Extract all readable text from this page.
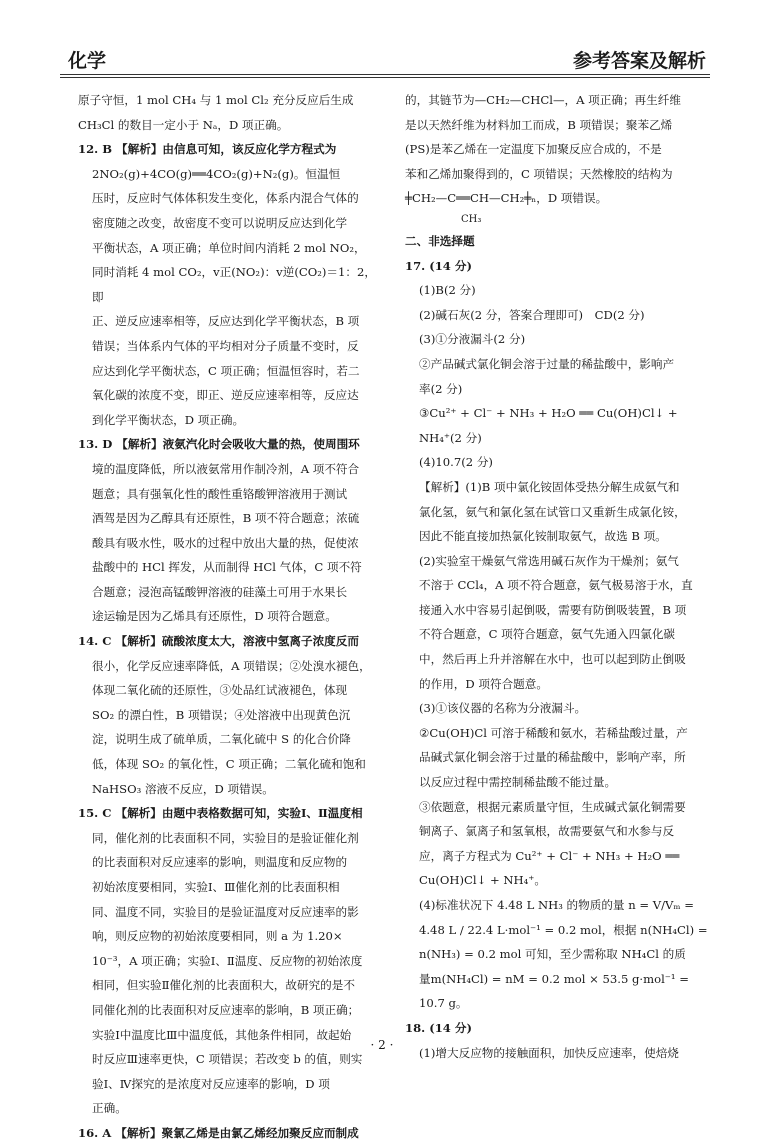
化学	参考答案及解析
原子守恒，1 mol CH₄ 与 1 mol Cl₂ 充分反应后生成
CH₃Cl 的数目一定小于 Nₐ，D 项正确。
12. B 【解析】由信息可知，该反应化学方程式为
2NO₂(g)+4CO(g)══4CO₂(g)+N₂(g)。恒温恒
压时，反应时气体体积发生变化，体系内混合气体的
密度随之改变，故密度不变可以说明反应达到化学
平衡状态，A 项正确；单位时间内消耗 2 mol NO₂，
同时消耗 4 mol CO₂，v正(NO₂)：v逆(CO₂)＝1：2，即
正、逆反应速率相等，反应达到化学平衡状态，B 项
错误；当体系内气体的平均相对分子质量不变时，反
应达到化学平衡状态，C 项正确；恒温恒容时，若二
氧化碳的浓度不变，即正、逆反应速率相等，反应达
到化学平衡状态，D 项正确。
13. D 【解析】液氨汽化时会吸收大量的热，使周围环
境的温度降低，所以液氨常用作制冷剂，A 项不符合
题意；具有强氧化性的酸性重铬酸钾溶液用于测试
酒驾是因为乙醇具有还原性，B 项不符合题意；浓硫
酸具有吸水性，吸水的过程中放出大量的热，促使浓
盐酸中的 HCl 挥发，从而制得 HCl 气体，C 项不符
合题意；浸泡高锰酸钾溶液的硅藻土可用于水果长
途运输是因为乙烯具有还原性，D 项符合题意。
14. C 【解析】硫酸浓度太大，溶液中氢离子浓度反而
很小，化学反应速率降低，A 项错误；②处溴水褪色，
体现二氧化硫的还原性，③处品红试液褪色，体现
SO₂ 的漂白性，B 项错误；④处溶液中出现黄色沉
淀，说明生成了硫单质，二氧化硫中 S 的化合价降
低，体现 SO₂ 的氧化性，C 项正确；二氧化硫和饱和
NaHSO₃ 溶液不反应，D 项错误。
15. C 【解析】由题中表格数据可知，实验Ⅰ、Ⅱ温度相
同，催化剂的比表面积不同，实验目的是验证催化剂
的比表面积对反应速率的影响，则温度和反应物的
初始浓度要相同，实验Ⅰ、Ⅲ催化剂的比表面积相
同、温度不同，实验目的是验证温度对反应速率的影
响，则反应物的初始浓度要相同，则 a 为 1.20×
10⁻³，A 项正确；实验Ⅰ、Ⅱ温度、反应物的初始浓度
相同，但实验Ⅱ催化剂的比表面积大，故研究的是不
同催化剂的比表面积对反应速率的影响，B 项正确；
实验Ⅰ中温度比Ⅲ中温度低，其他条件相同，故起始
时反应Ⅲ速率更快，C 项错误；若改变 b 的值，则实
验Ⅰ、Ⅳ探究的是浓度对反应速率的影响，D 项
正确。
16. A 【解析】聚氯乙烯是由氯乙烯经加聚反应而制成
的，其链节为—CH₂—CHCl—，A 项正确；再生纤维
是以天然纤维为材料加工而成，B 项错误；聚苯乙烯
(PS)是苯乙烯在一定温度下加聚反应合成的，不是
苯和乙烯加聚得到的，C 项错误；天然橡胶的结构为
╪CH₂—C══CH—CH₂╪ₙ，D 项错误。
CH₃
二、非选择题
17. (14 分)
(1)B(2 分)
(2)碱石灰(2 分，答案合理即可)　CD(2 分)
(3)①分液漏斗(2 分)
②产品碱式氯化铜会溶于过量的稀盐酸中，影响产
率(2 分)
③Cu²⁺ + Cl⁻ + NH₃ + H₂O ══ Cu(OH)Cl↓ +
NH₄⁺(2 分)
(4)10.7(2 分)
【解析】(1)B 项中氯化铵固体受热分解生成氨气和
氯化氢，氨气和氯化氢在试管口又重新生成氯化铵，
因此不能直接加热氯化铵制取氨气，故选 B 项。
(2)实验室干燥氨气常选用碱石灰作为干燥剂；氨气
不溶于 CCl₄，A 项不符合题意，氨气极易溶于水，直
接通入水中容易引起倒吸，需要有防倒吸装置，B 项
不符合题意，C 项符合题意，氨气先通入四氯化碳
中，然后再上升并溶解在水中，也可以起到防止倒吸
的作用，D 项符合题意。
(3)①该仪器的名称为分液漏斗。
②Cu(OH)Cl 可溶于稀酸和氨水，若稀盐酸过量，产
品碱式氯化铜会溶于过量的稀盐酸中，影响产率，所
以反应过程中需控制稀盐酸不能过量。
③依题意，根据元素质量守恒，生成碱式氯化铜需要
铜离子、氯离子和氢氧根，故需要氨气和水参与反
应，离子方程式为 Cu²⁺ + Cl⁻ + NH₃ + H₂O ══
Cu(OH)Cl↓ + NH₄⁺。
(4)标准状况下 4.48 L NH₃ 的物质的量 n = V/Vₘ =
4.48 L / 22.4 L·mol⁻¹ = 0.2 mol，根据 n(NH₄Cl) =
n(NH₃) = 0.2 mol 可知，至少需称取 NH₄Cl 的质
量m(NH₄Cl) = nM = 0.2 mol × 53.5 g·mol⁻¹ =
10.7 g。
18. (14 分)
(1)增大反应物的接触面积，加快反应速率，使焙烧
· 2 ·
